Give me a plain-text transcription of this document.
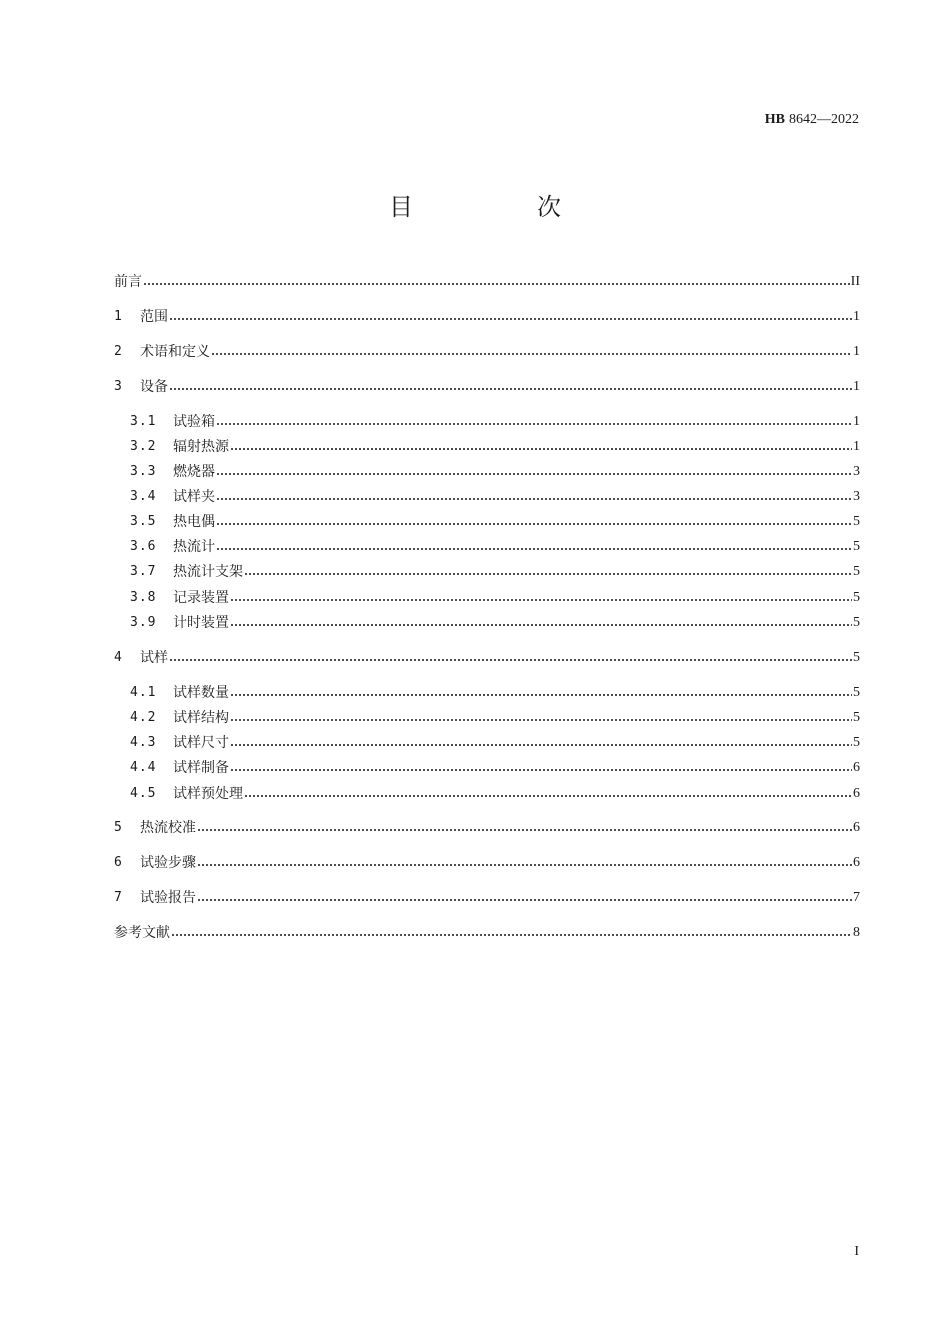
HB 8642—2022
目　次
前言	II
1	范围	1
2	术语和定义	1
3	设备	1
3.1	试验箱	1
3.2	辐射热源	1
3.3	燃烧器	3
3.4	试样夹	3
3.5	热电偶	5
3.6	热流计	5
3.7	热流计支架	5
3.8	记录装置	5
3.9	计时装置	5
4	试样	5
4.1	试样数量	5
4.2	试样结构	5
4.3	试样尺寸	5
4.4	试样制备	6
4.5	试样预处理	6
5	热流校准	6
6	试验步骤	6
7	试验报告	7
参考文献	8
I
